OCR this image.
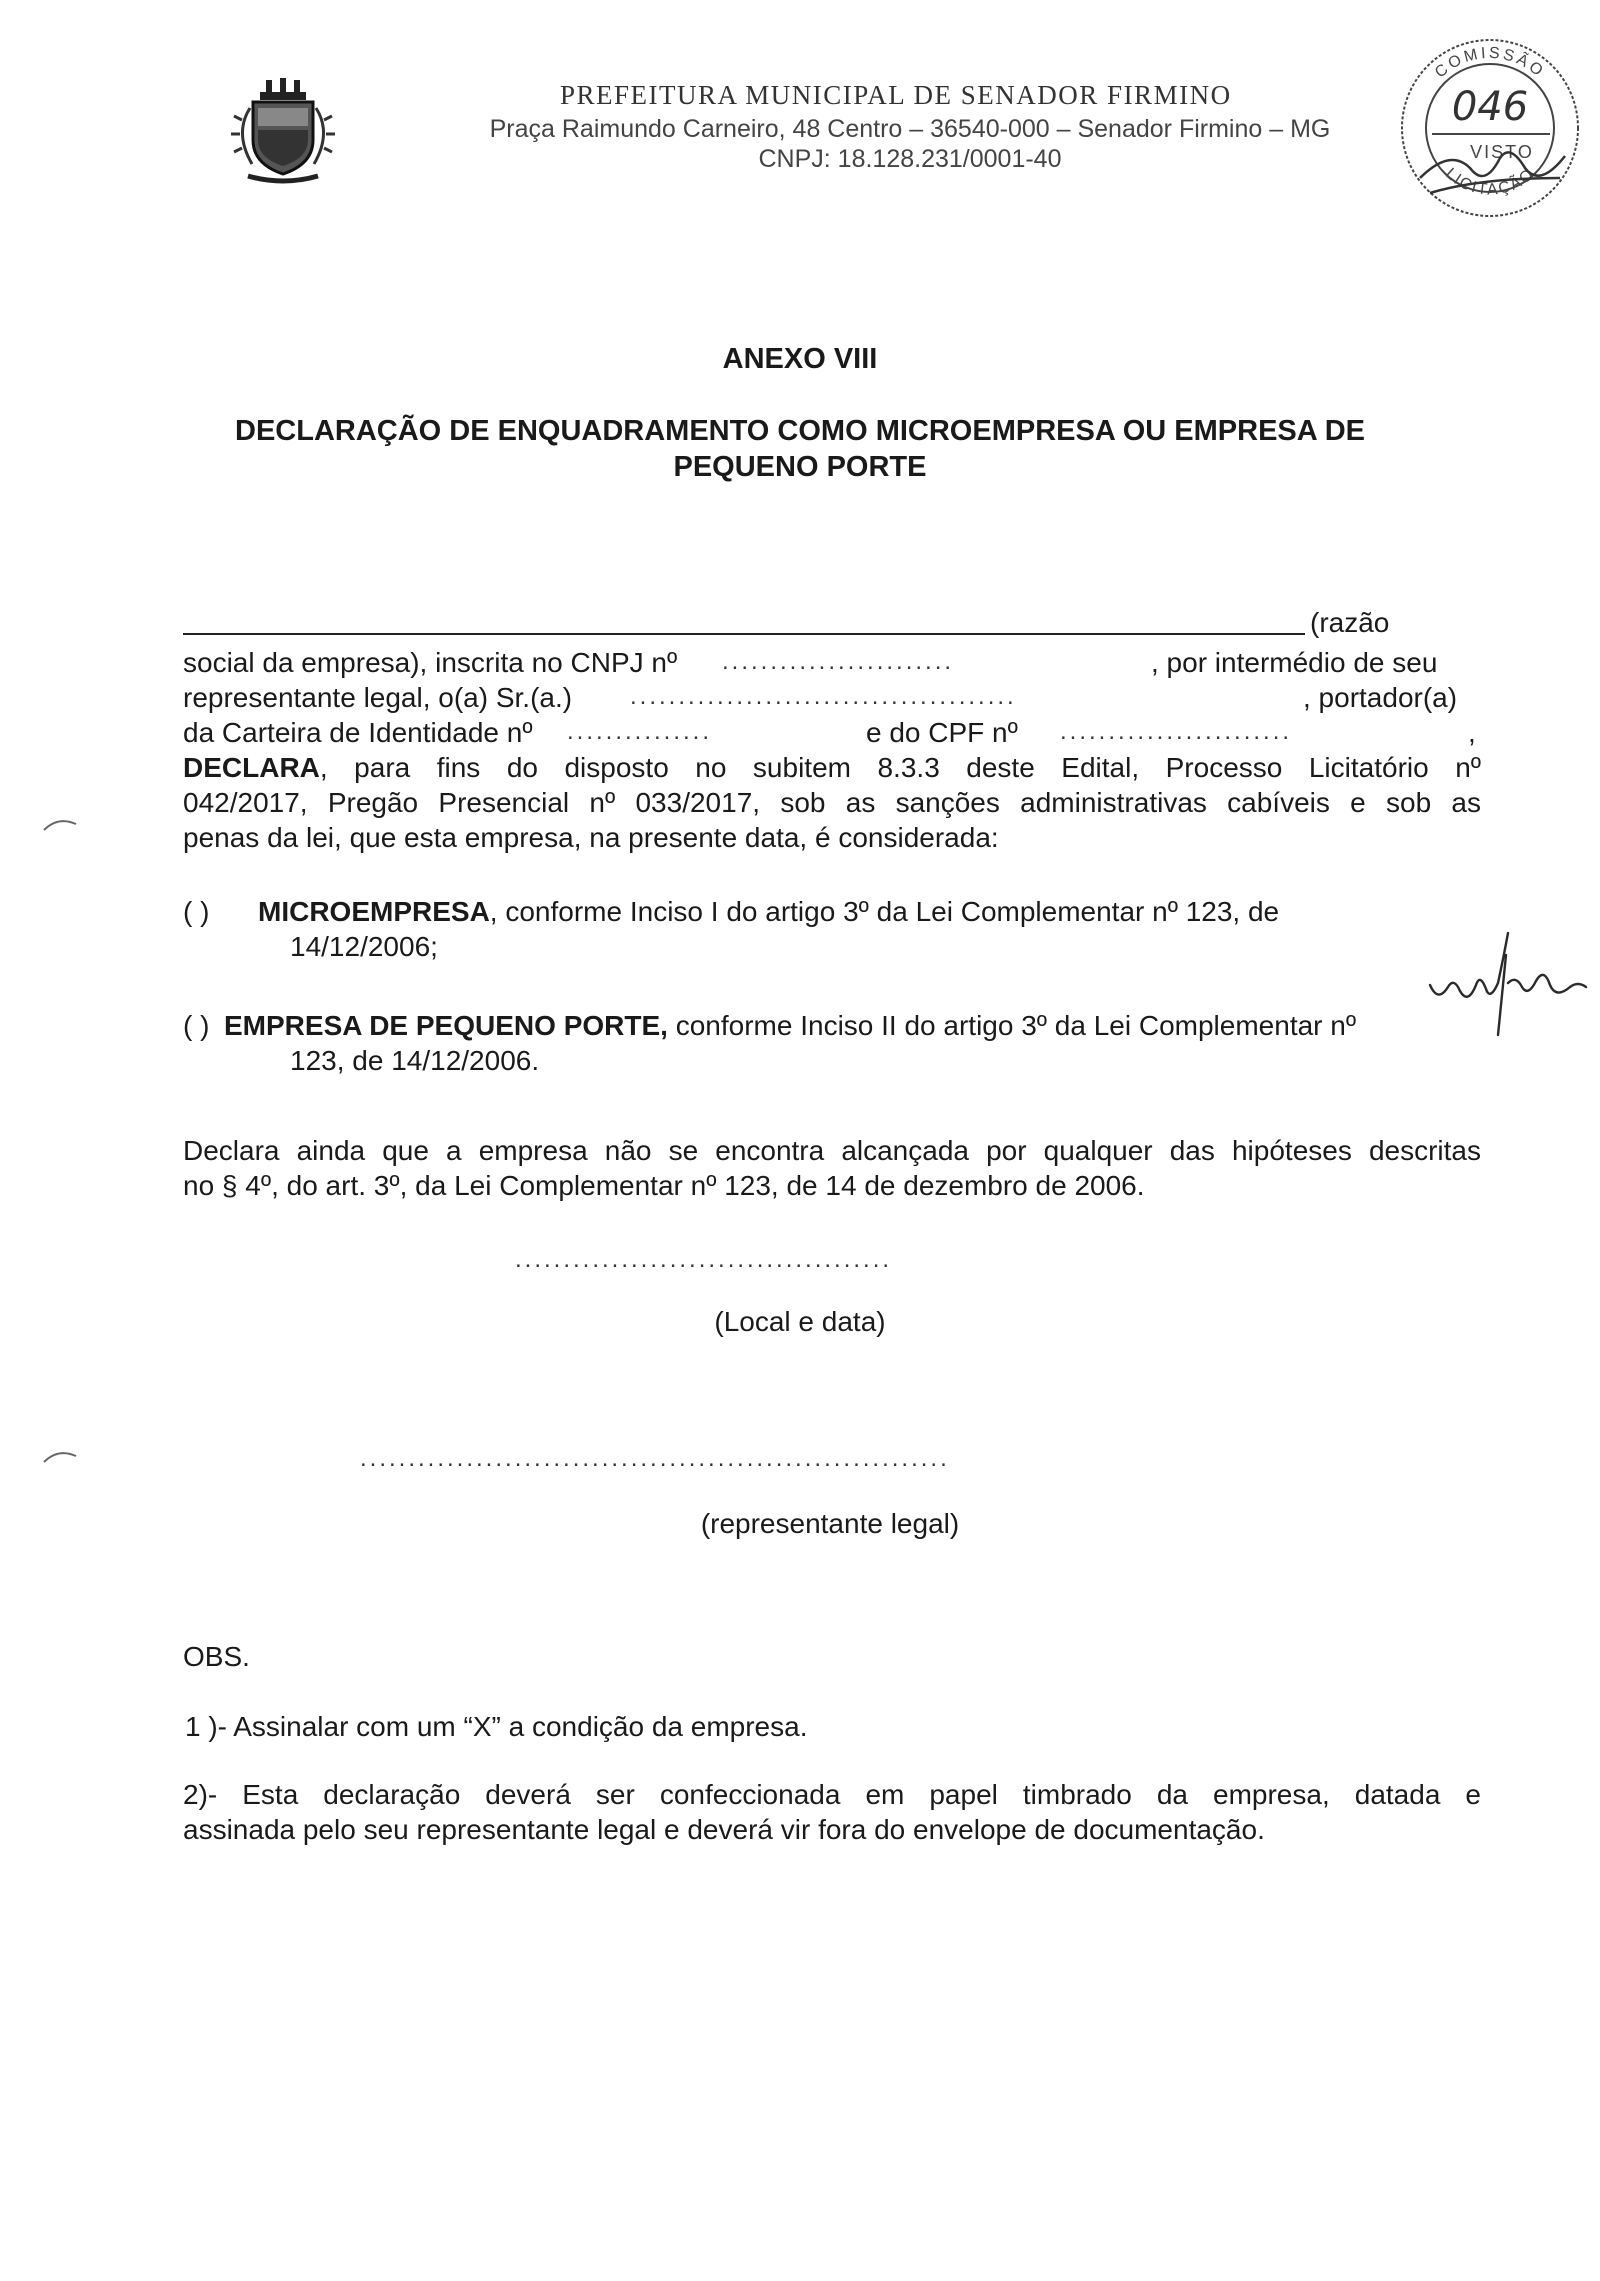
PREFEITURA MUNICIPAL DE SENADOR FIRMINO
Praça Raimundo Carneiro, 48 Centro – 36540-000 – Senador Firmino – MG
CNPJ: 18.128.231/0001-40
COMISSÃO
046
VISTO
LICITAÇÃO
ANEXO VIII
DECLARAÇÃO DE ENQUADRAMENTO COMO MICROEMPRESA OU EMPRESA DE
PEQUENO PORTE
(razão
social da empresa), inscrita no CNPJ nº ........................	, por intermédio de seu
representante legal, o(a) Sr.(a.) ........................................	, portador(a)
da Carteira de Identidade nº ...............	e do CPF nº ........................	,
DECLARA, para fins do disposto no subitem 8.3.3 deste Edital, Processo Licitatório nº
042/2017, Pregão Presencial nº 033/2017, sob as sanções administrativas cabíveis e sob as
penas da lei, que esta empresa, na presente data, é considerada:
( ) MICROEMPRESA, conforme Inciso I do artigo 3º da Lei Complementar nº 123, de
14/12/2006;
( ) EMPRESA DE PEQUENO PORTE, conforme Inciso II do artigo 3º da Lei Complementar nº
123, de 14/12/2006.
Declara ainda que a empresa não se encontra alcançada por qualquer das hipóteses descritas
no § 4º, do art. 3º, da Lei Complementar nº 123, de 14 de dezembro de 2006.
.......................................
(Local e data)
.............................................................
(representante legal)
OBS.
1 )- Assinalar com um “X” a condição da empresa.
2)- Esta declaração deverá ser confeccionada em papel timbrado da empresa, datada e
assinada pelo seu representante legal e deverá vir fora do envelope de documentação.
